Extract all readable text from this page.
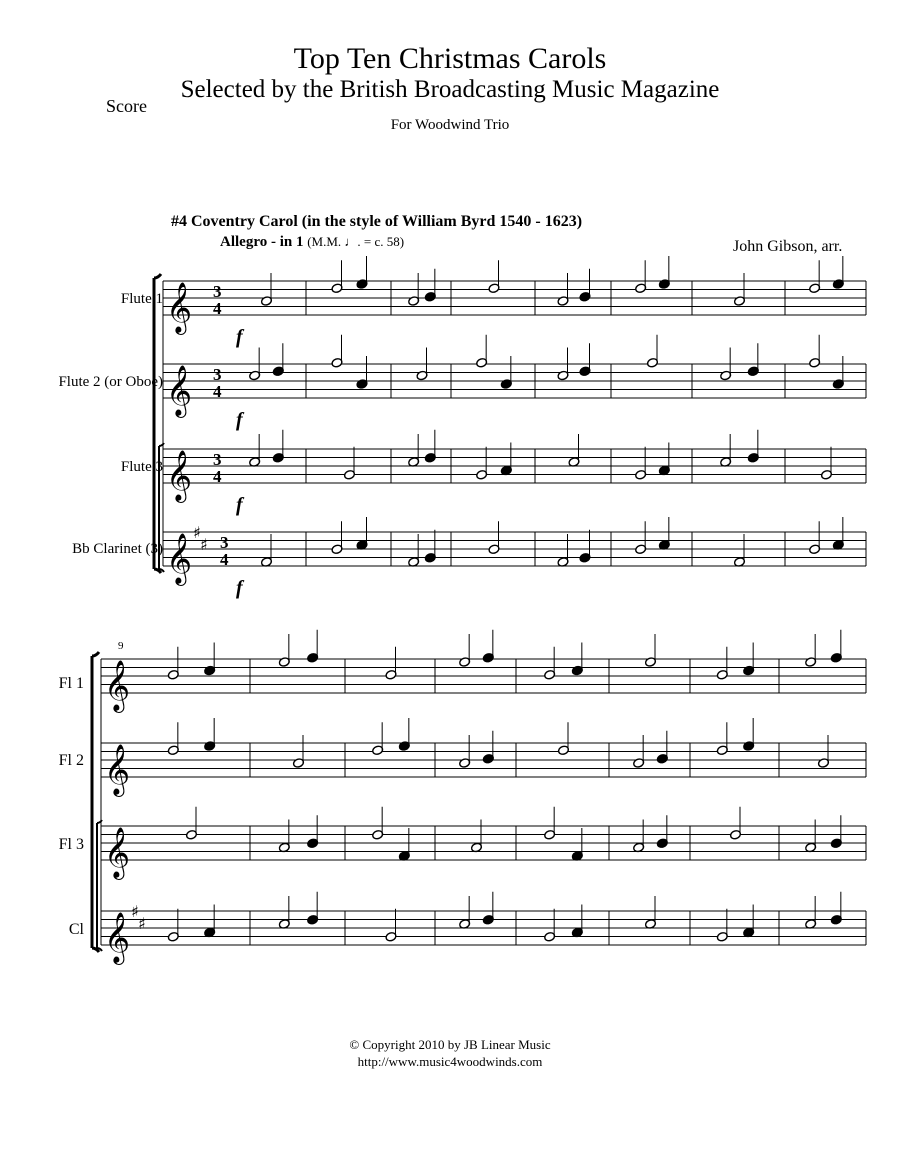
Top Ten Christmas Carols
Selected by the British Broadcasting Music Magazine
For Woodwind Trio
Score
#4 Coventry Carol (in the style of William Byrd 1540 - 1623)
Allegro - in 1 (M.M. ♩. = c. 58)	John Gibson, arr.
Flute 1
Flute 2 (or Oboe)
Flute 3
Bb Clarinet (3)
Fl 1
Fl 2
Fl 3
Cl
9
𝄞
𝄞
𝄞
𝄞
𝄞
𝄞
𝄞
𝄞
3
4
3
4
3
4
3
4
♯
♯
♯
♯
f
f
f
f
© Copyright 2010 by JB Linear Music
http://www.music4woodwinds.com
